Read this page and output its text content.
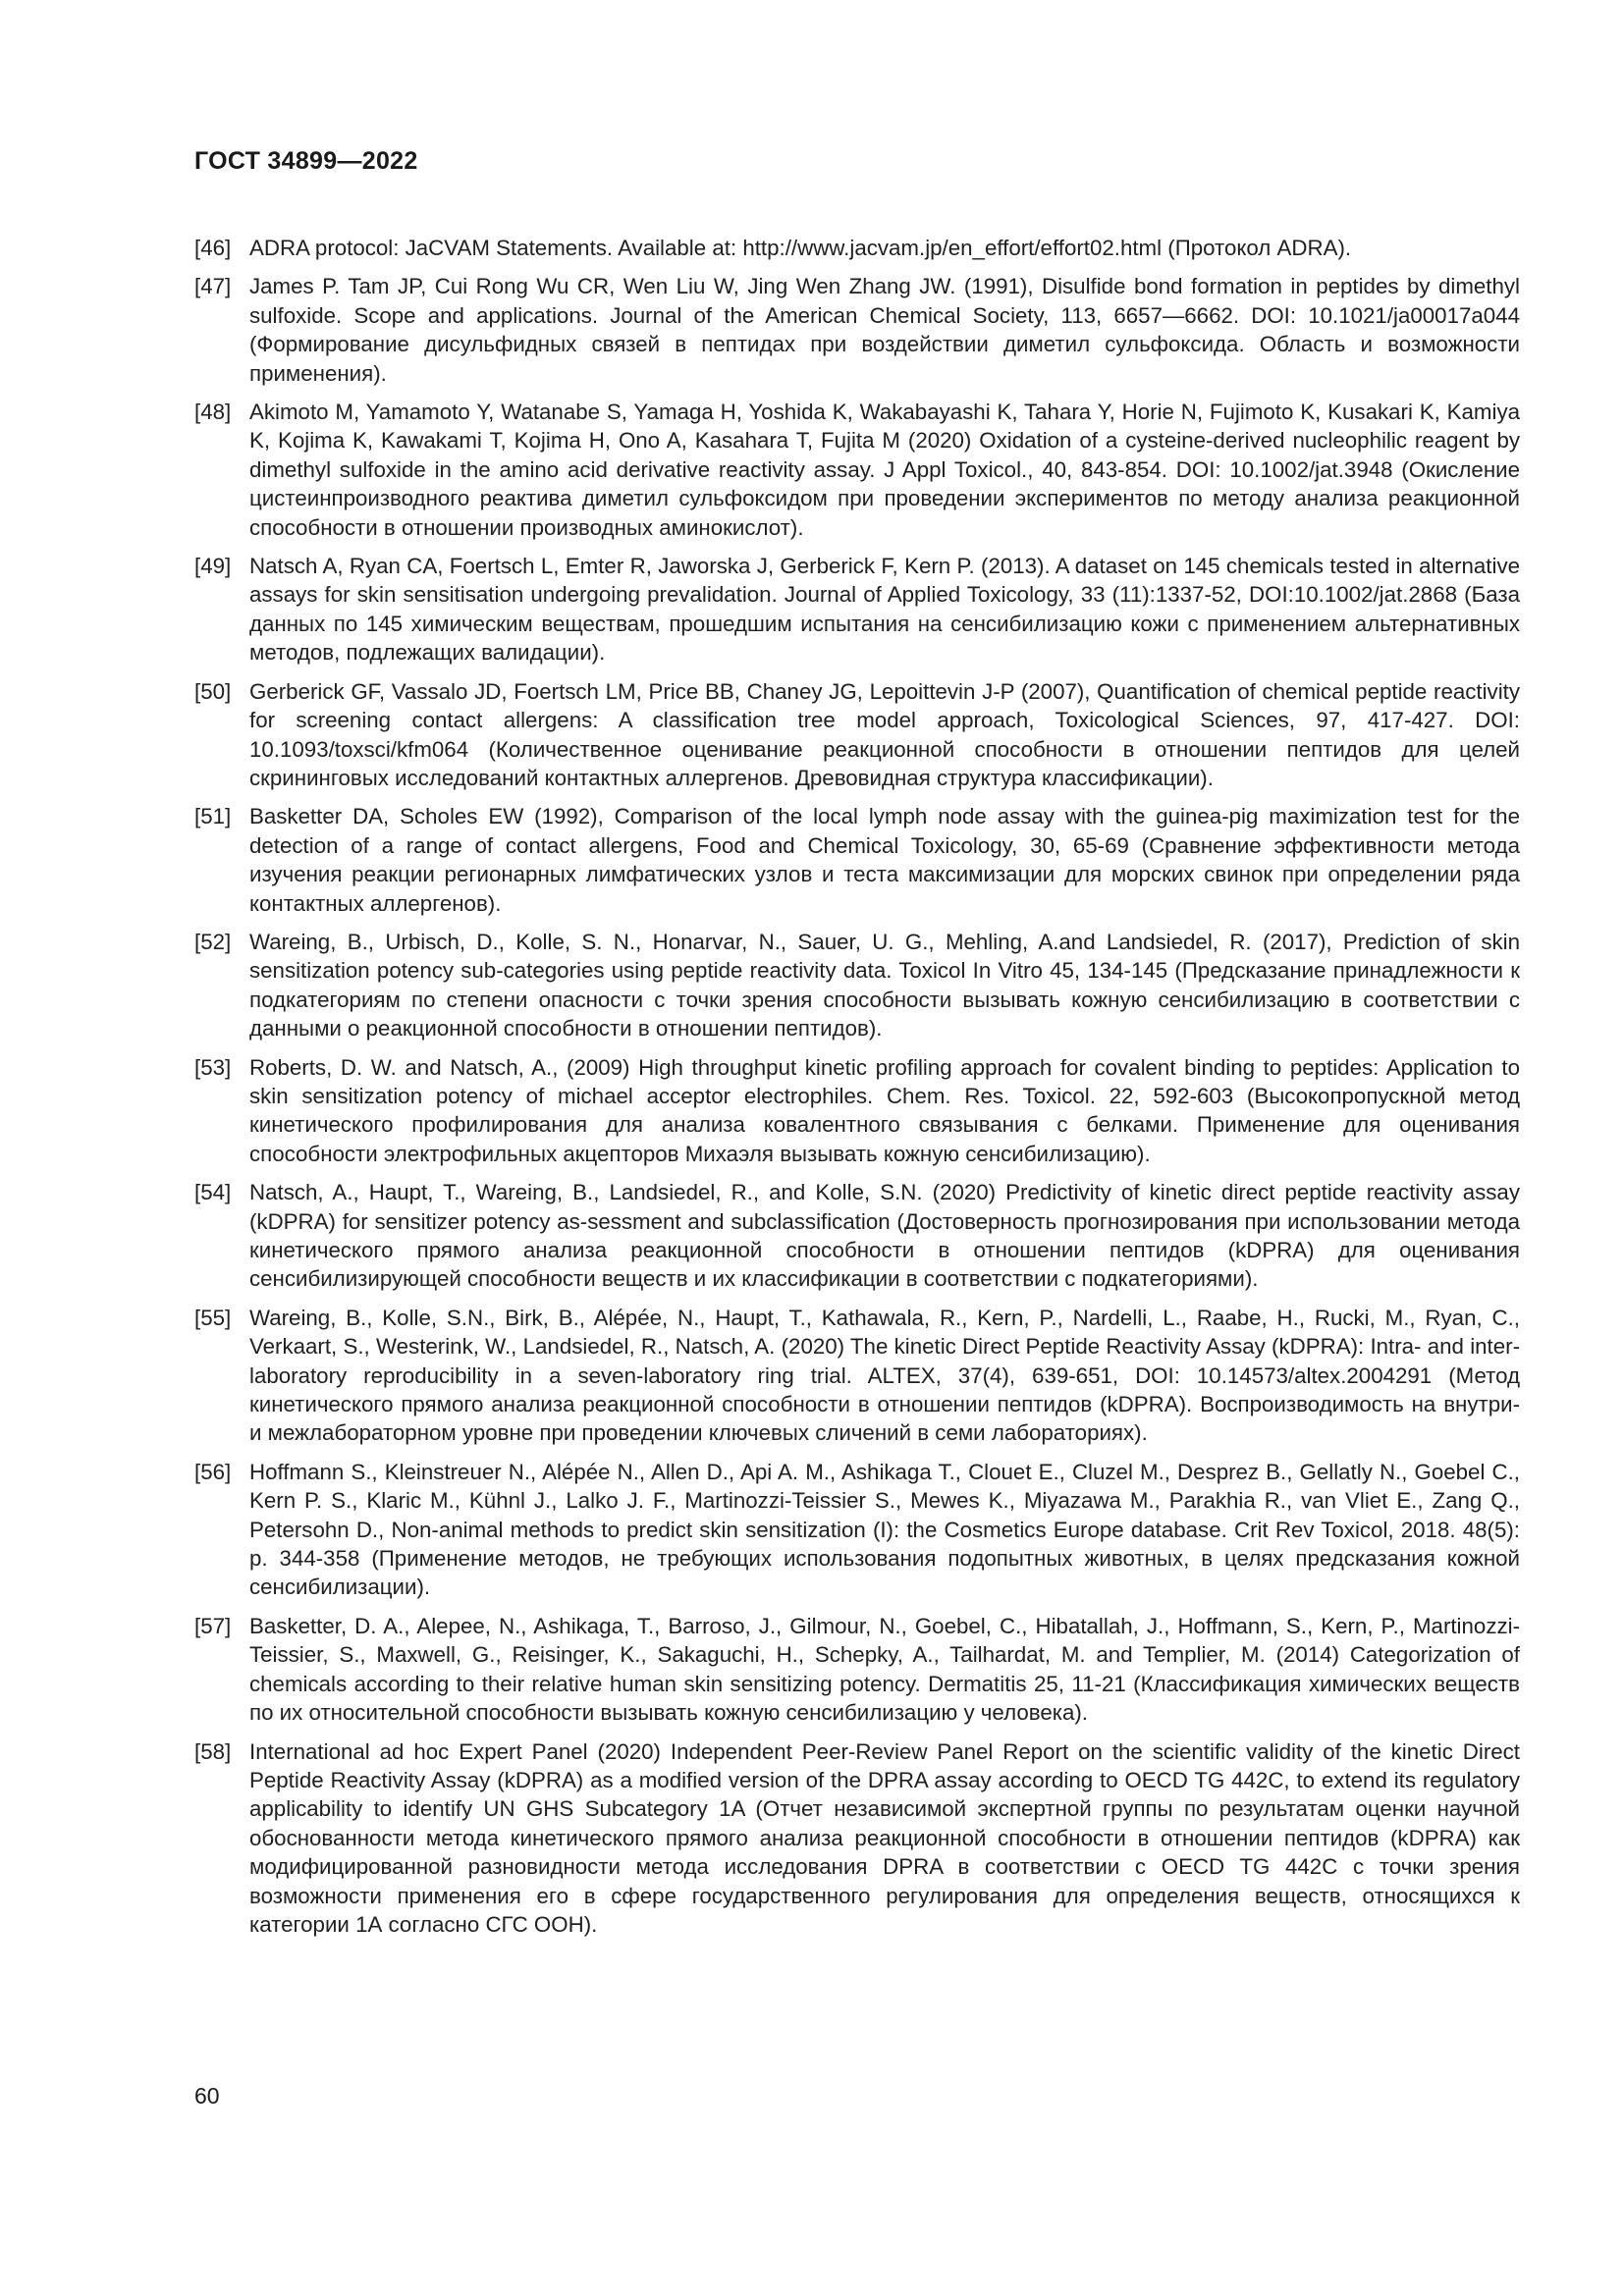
ГОСТ 34899—2022
[46] ADRA protocol: JaCVAM Statements. Available at: http://www.jacvam.jp/en_effort/effort02.html (Протокол ADRA).
[47] James P. Tam JP, Cui Rong Wu CR, Wen Liu W, Jing Wen Zhang JW. (1991), Disulfide bond formation in peptides by dimethyl sulfoxide. Scope and applications. Journal of the American Chemical Society, 113, 6657—6662. DOI: 10.1021/ja00017a044 (Формирование дисульфидных связей в пептидах при воздействии диметил сульфоксида. Область и возможности применения).
[48] Akimoto M, Yamamoto Y, Watanabe S, Yamaga H, Yoshida K, Wakabayashi K, Tahara Y, Horie N, Fujimoto K, Kusakari K, Kamiya K, Kojima K, Kawakami T, Kojima H, Ono A, Kasahara T, Fujita M (2020) Oxidation of a cysteine-derived nucleophilic reagent by dimethyl sulfoxide in the amino acid derivative reactivity assay. J Appl Toxicol., 40, 843-854. DOI: 10.1002/jat.3948 (Окисление цистеинпроизводного реактива диметил сульфоксидом при проведении экспериментов по методу анализа реакционной способности в отношении производных аминокислот).
[49] Natsch A, Ryan CA, Foertsch L, Emter R, Jaworska J, Gerberick F, Kern P. (2013). A dataset on 145 chemicals tested in alternative assays for skin sensitisation undergoing prevalidation. Journal of Applied Toxicology, 33 (11):1337-52, DOI:10.1002/jat.2868 (База данных по 145 химическим веществам, прошедшим испытания на сенсибилизацию кожи с применением альтернативных методов, подлежащих валидации).
[50] Gerberick GF, Vassalo JD, Foertsch LM, Price BB, Chaney JG, Lepoittevin J-P (2007), Quantification of chemical peptide reactivity for screening contact allergens: A classification tree model approach, Toxicological Sciences, 97, 417-427. DOI: 10.1093/toxsci/kfm064 (Количественное оценивание реакционной способности в отношении пептидов для целей скрининговых исследований контактных аллергенов. Древовидная структура классификации).
[51] Basketter DA, Scholes EW (1992), Comparison of the local lymph node assay with the guinea-pig maximization test for the detection of a range of contact allergens, Food and Chemical Toxicology, 30, 65-69 (Сравнение эффективности метода изучения реакции регионарных лимфатических узлов и теста максимизации для морских свинок при определении ряда контактных аллергенов).
[52] Wareing, B., Urbisch, D., Kolle, S. N., Honarvar, N., Sauer, U. G., Mehling, A.and Landsiedel, R. (2017), Prediction of skin sensitization potency sub-categories using peptide reactivity data. Toxicol In Vitro 45, 134-145 (Предсказание принадлежности к подкатегориям по степени опасности с точки зрения способности вызывать кожную сенсибилизацию в соответствии с данными о реакционной способности в отношении пептидов).
[53] Roberts, D. W. and Natsch, A., (2009) High throughput kinetic profiling approach for covalent binding to peptides: Application to skin sensitization potency of michael acceptor electrophiles. Chem. Res. Toxicol. 22, 592-603 (Высокопропускной метод кинетического профилирования для анализа ковалентного связывания с белками. Применение для оценивания способности электрофильных акцепторов Михаэля вызывать кожную сенсибилизацию).
[54] Natsch, A., Haupt, T., Wareing, B., Landsiedel, R., and Kolle, S.N. (2020) Predictivity of kinetic direct peptide reactivity assay (kDPRA) for sensitizer potency as-sessment and subclassification (Достоверность прогнозирования при использовании метода кинетического прямого анализа реакционной способности в отношении пептидов (kDPRA) для оценивания сенсибилизирующей способности веществ и их классификации в соответствии с подкатегориями).
[55] Wareing, B., Kolle, S.N., Birk, B., Alépée, N., Haupt, T., Kathawala, R., Kern, P., Nardelli, L., Raabe, H., Rucki, M., Ryan, C., Verkaart, S., Westerink, W., Landsiedel, R., Natsch, A. (2020) The kinetic Direct Peptide Reactivity Assay (kDPRA): Intra- and inter-laboratory reproducibility in a seven-laboratory ring trial. ALTEX, 37(4), 639-651, DOI: 10.14573/altex.2004291 (Метод кинетического прямого анализа реакционной способности в отношении пептидов (kDPRA). Воспроизводимость на внутри- и межлабораторном уровне при проведении ключевых сличений в семи лабораториях).
[56] Hoffmann S., Kleinstreuer N., Alépée N., Allen D., Api A. M., Ashikaga T., Clouet E., Cluzel M., Desprez B., Gellatly N., Goebel C., Kern P. S., Klaric M., Kühnl J., Lalko J. F., Martinozzi-Teissier S., Mewes K., Miyazawa M., Parakhia R., van Vliet E., Zang Q., Petersohn D., Non-animal methods to predict skin sensitization (I): the Cosmetics Europe database. Crit Rev Toxicol, 2018. 48(5): p. 344-358 (Применение методов, не требующих использования подопытных животных, в целях предсказания кожной сенсибилизации).
[57] Basketter, D. A., Alepee, N., Ashikaga, T., Barroso, J., Gilmour, N., Goebel, C., Hibatallah, J., Hoffmann, S., Kern, P., Martinozzi-Teissier, S., Maxwell, G., Reisinger, K., Sakaguchi, H., Schepky, A., Tailhardat, M. and Templier, M. (2014) Categorization of chemicals according to their relative human skin sensitizing potency. Dermatitis 25, 11-21 (Классификация химических веществ по их относительной способности вызывать кожную сенсибилизацию у человека).
[58] International ad hoc Expert Panel (2020) Independent Peer-Review Panel Report on the scientific validity of the kinetic Direct Peptide Reactivity Assay (kDPRA) as a modified version of the DPRA assay according to OECD TG 442C, to extend its regulatory applicability to identify UN GHS Subcategory 1A (Отчет независимой экспертной группы по результатам оценки научной обоснованности метода кинетического прямого анализа реакционной способности в отношении пептидов (kDPRA) как модифицированной разновидности метода исследования DPRA в соответствии с OECD TG 442C с точки зрения возможности применения его в сфере государственного регулирования для определения веществ, относящихся к категории 1А согласно СГС ООН).
60
